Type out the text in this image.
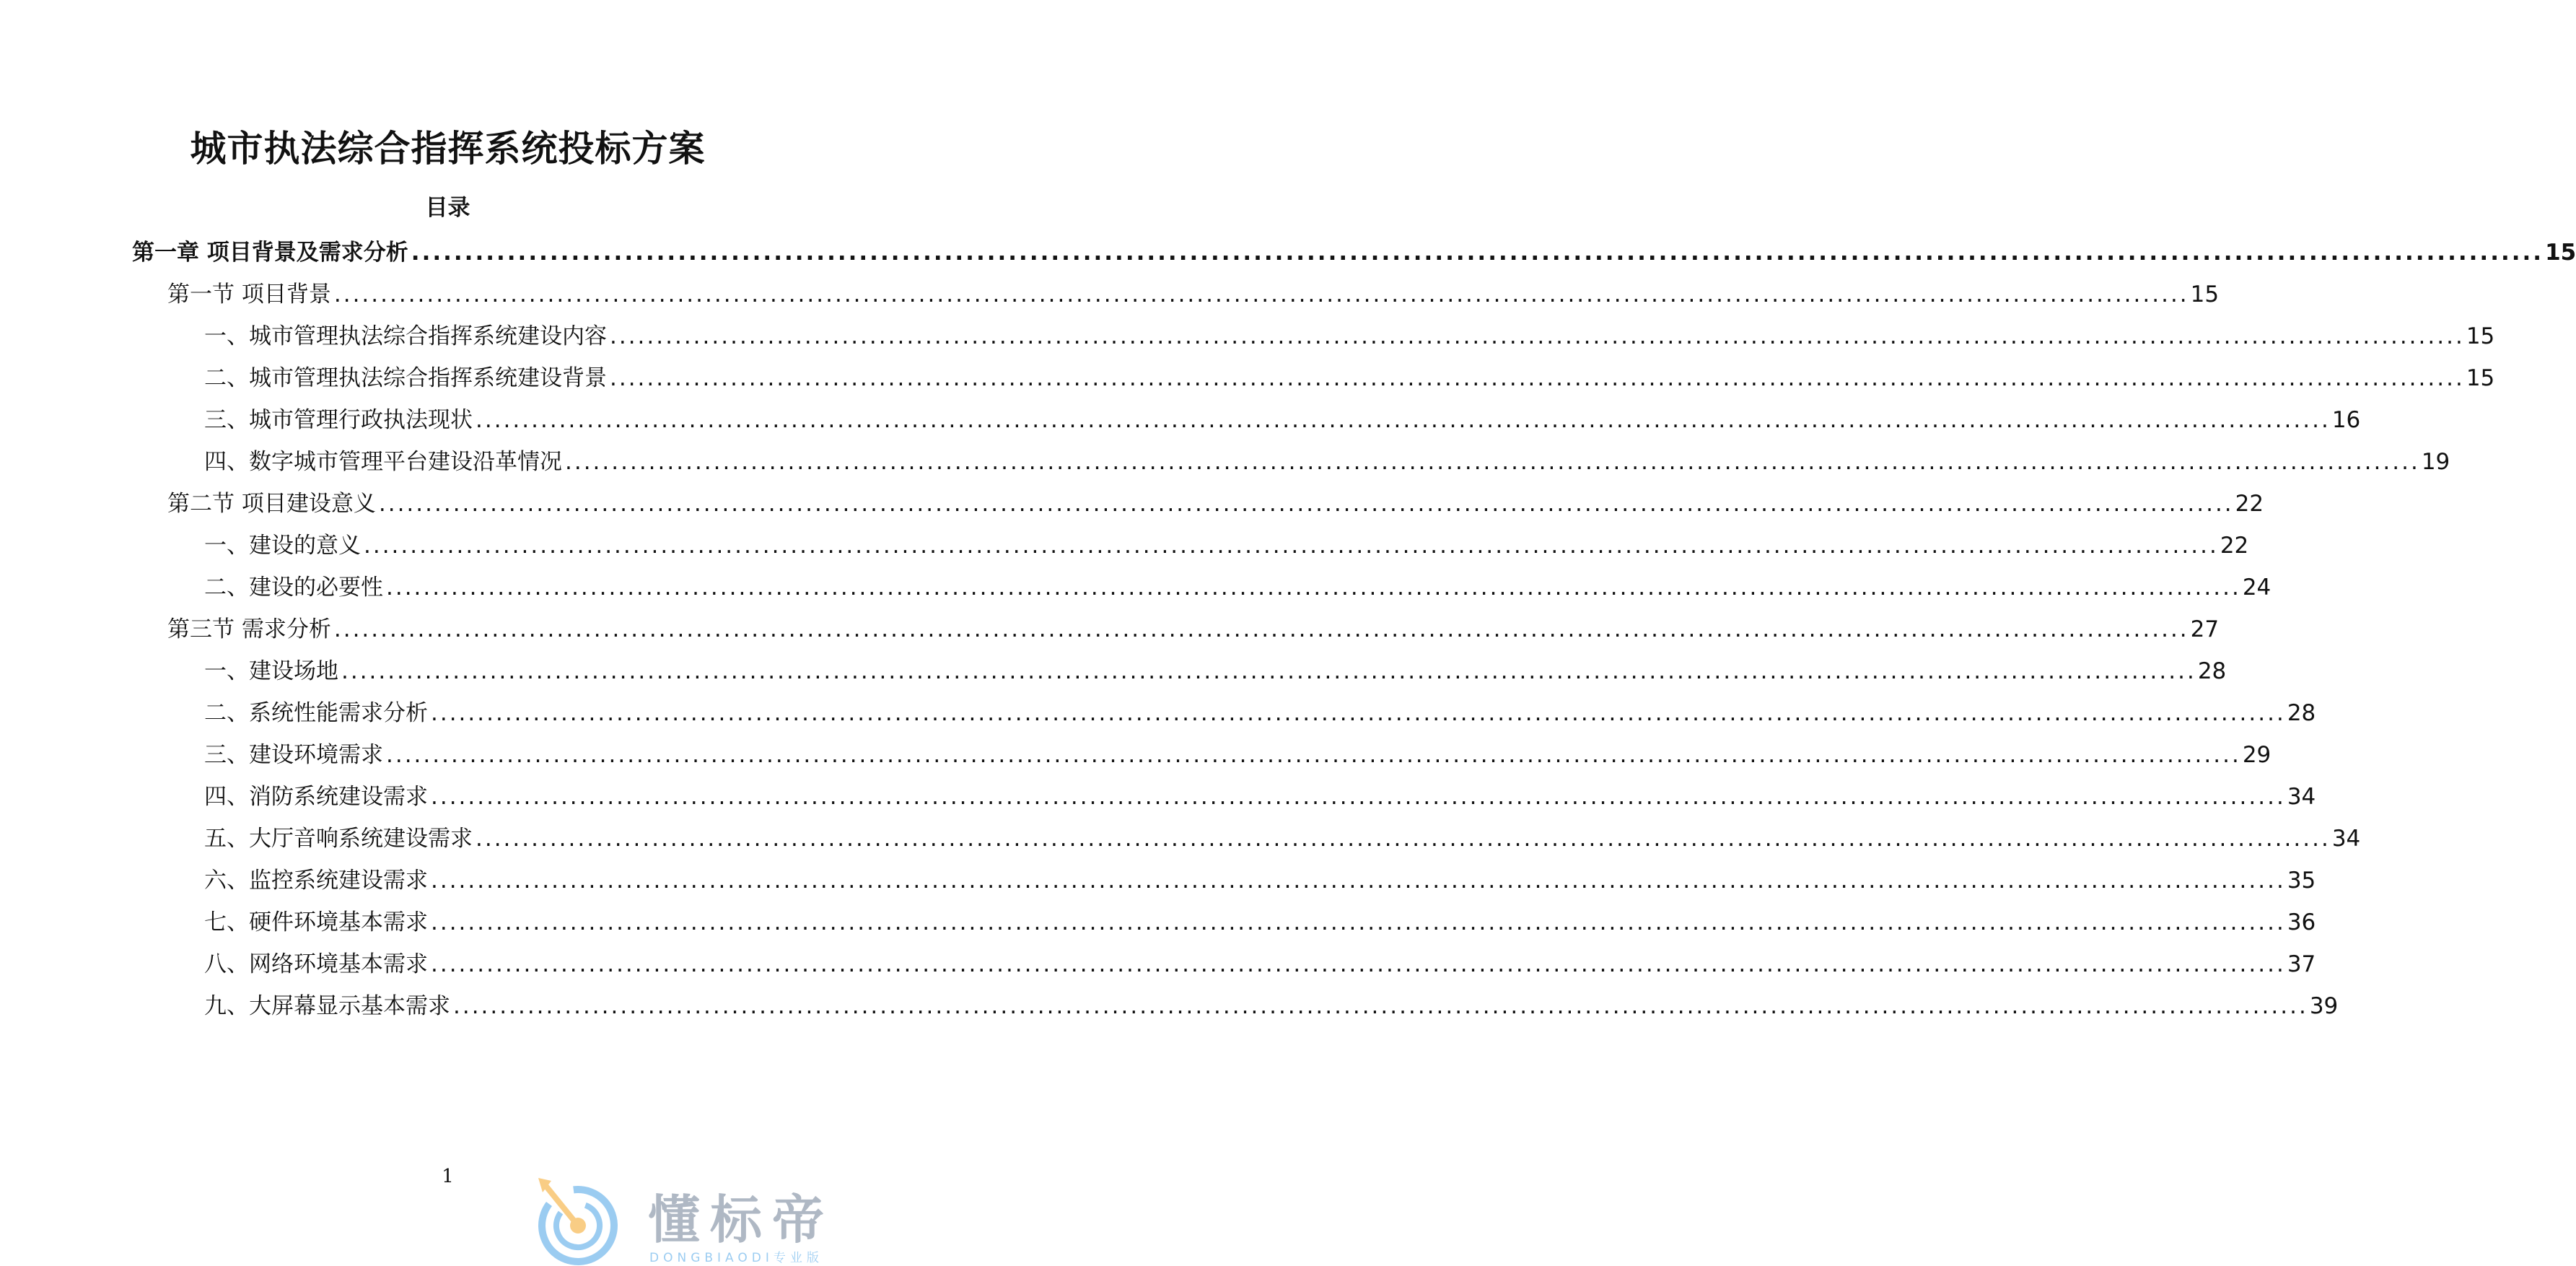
城市执法综合指挥系统投标方案
目录
第一章 项目背景及需求分析 ........................................................................................................................................................................................................ 15
第一节 项目背景 ........................................................................................................................................................................................................ 15
一、城市管理执法综合指挥系统建设内容 ........................................................................................................................................................................................................ 15
二、城市管理执法综合指挥系统建设背景 ........................................................................................................................................................................................................ 15
三、城市管理行政执法现状 ........................................................................................................................................................................................................ 16
四、数字城市管理平台建设沿革情况 ........................................................................................................................................................................................................ 19
第二节 项目建设意义 ........................................................................................................................................................................................................ 22
一、建设的意义 ........................................................................................................................................................................................................ 22
二、建设的必要性 ........................................................................................................................................................................................................ 24
第三节 需求分析 ........................................................................................................................................................................................................ 27
一、建设场地 ........................................................................................................................................................................................................ 28
二、系统性能需求分析 ........................................................................................................................................................................................................ 28
三、建设环境需求 ........................................................................................................................................................................................................ 29
四、消防系统建设需求 ........................................................................................................................................................................................................ 34
五、大厅音响系统建设需求 ........................................................................................................................................................................................................ 34
六、监控系统建设需求 ........................................................................................................................................................................................................ 35
七、硬件环境基本需求 ........................................................................................................................................................................................................ 36
八、网络环境基本需求 ........................................................................................................................................................................................................ 37
九、大屏幕显示基本需求 ........................................................................................................................................................................................................ 39
1
懂标帝
DONGBIAODI专业版
